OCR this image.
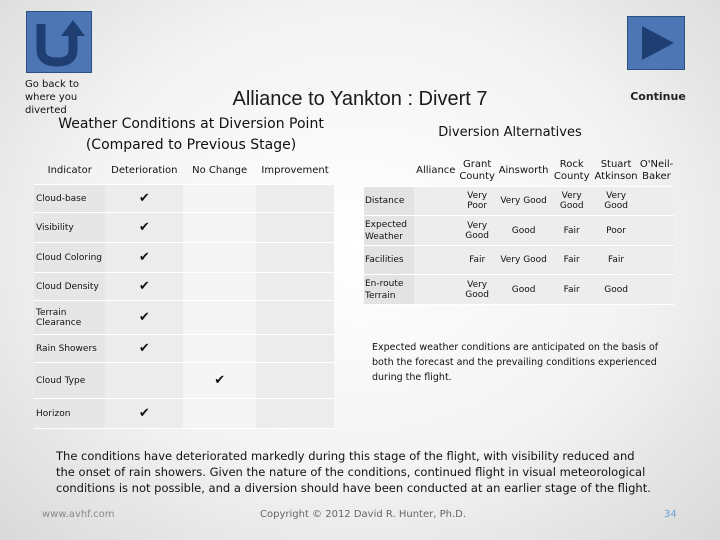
Go back to where you diverted
Alliance to Yankton : Divert 7	Continue
Weather Conditions at Diversion Point
(Compared to Previous Stage)
Diversion Alternatives
Indicator	Deterioration	No Change	Improvement
Cloud-base	✔		
Visibility	✔		
Cloud Coloring	✔		
Cloud Density	✔		
Terrain Clearance	✔		
Rain Showers	✔		
Cloud Type		✔	
Horizon	✔		
	Alliance	Grant County	Ainsworth	Rock County	Stuart Atkinson	O'Neil-Baker
Distance		Very Poor	Very Good	Very Good	Very Good	
Expected Weather		Very Good	Good	Fair	Poor	
Facilities		Fair	Very Good	Fair	Fair	
En-route Terrain		Very Good	Good	Fair	Good	
Expected weather conditions are anticipated on the basis of both the forecast and the prevailing conditions experienced during the flight.
The conditions have deteriorated markedly during this stage of the flight, with visibility reduced and the onset of rain showers. Given the nature of the conditions, continued flight in visual meteorological conditions is not possible, and a diversion should have been conducted at an earlier stage of the flight.
www.avhf.com	Copyright © 2012 David R. Hunter, Ph.D.	34
